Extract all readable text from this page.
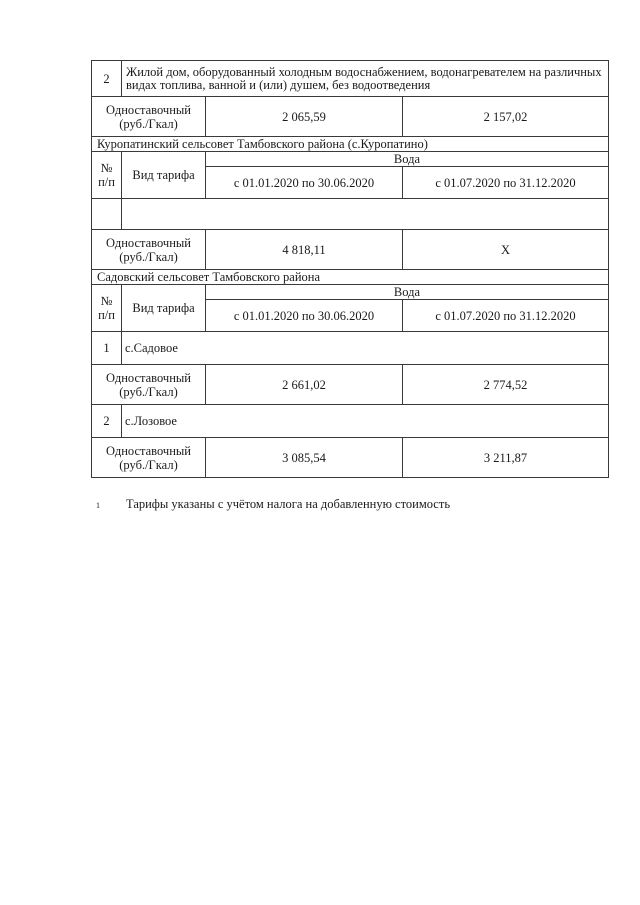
2	Жилой дом, оборудованный холодным водоснабжением, водонагревателем на различных видах топлива, ванной и (или) душем, без водоотведения		
Одноставочный (руб./Гкал)		2 065,59	2 157,02
Куропатинский сельсовет Тамбовского района (с.Куропатино)			
№ п/п	Вид тарифа	Вода	
		с 01.01.2020 по 30.06.2020	с 01.07.2020 по 31.12.2020

Одноставочный (руб./Гкал)		4 818,11	Х
Садовский сельсовет Тамбовского района			
№ п/п	Вид тарифа	Вода	
		с 01.01.2020 по 30.06.2020	с 01.07.2020 по 31.12.2020
1	с.Садовое		
Одноставочный (руб./Гкал)		2 661,02	2 774,52
2	с.Лозовое		
Одноставочный (руб./Гкал)		3 085,54	3 211,87
1 Тарифы указаны с учётом налога на добавленную стоимость
